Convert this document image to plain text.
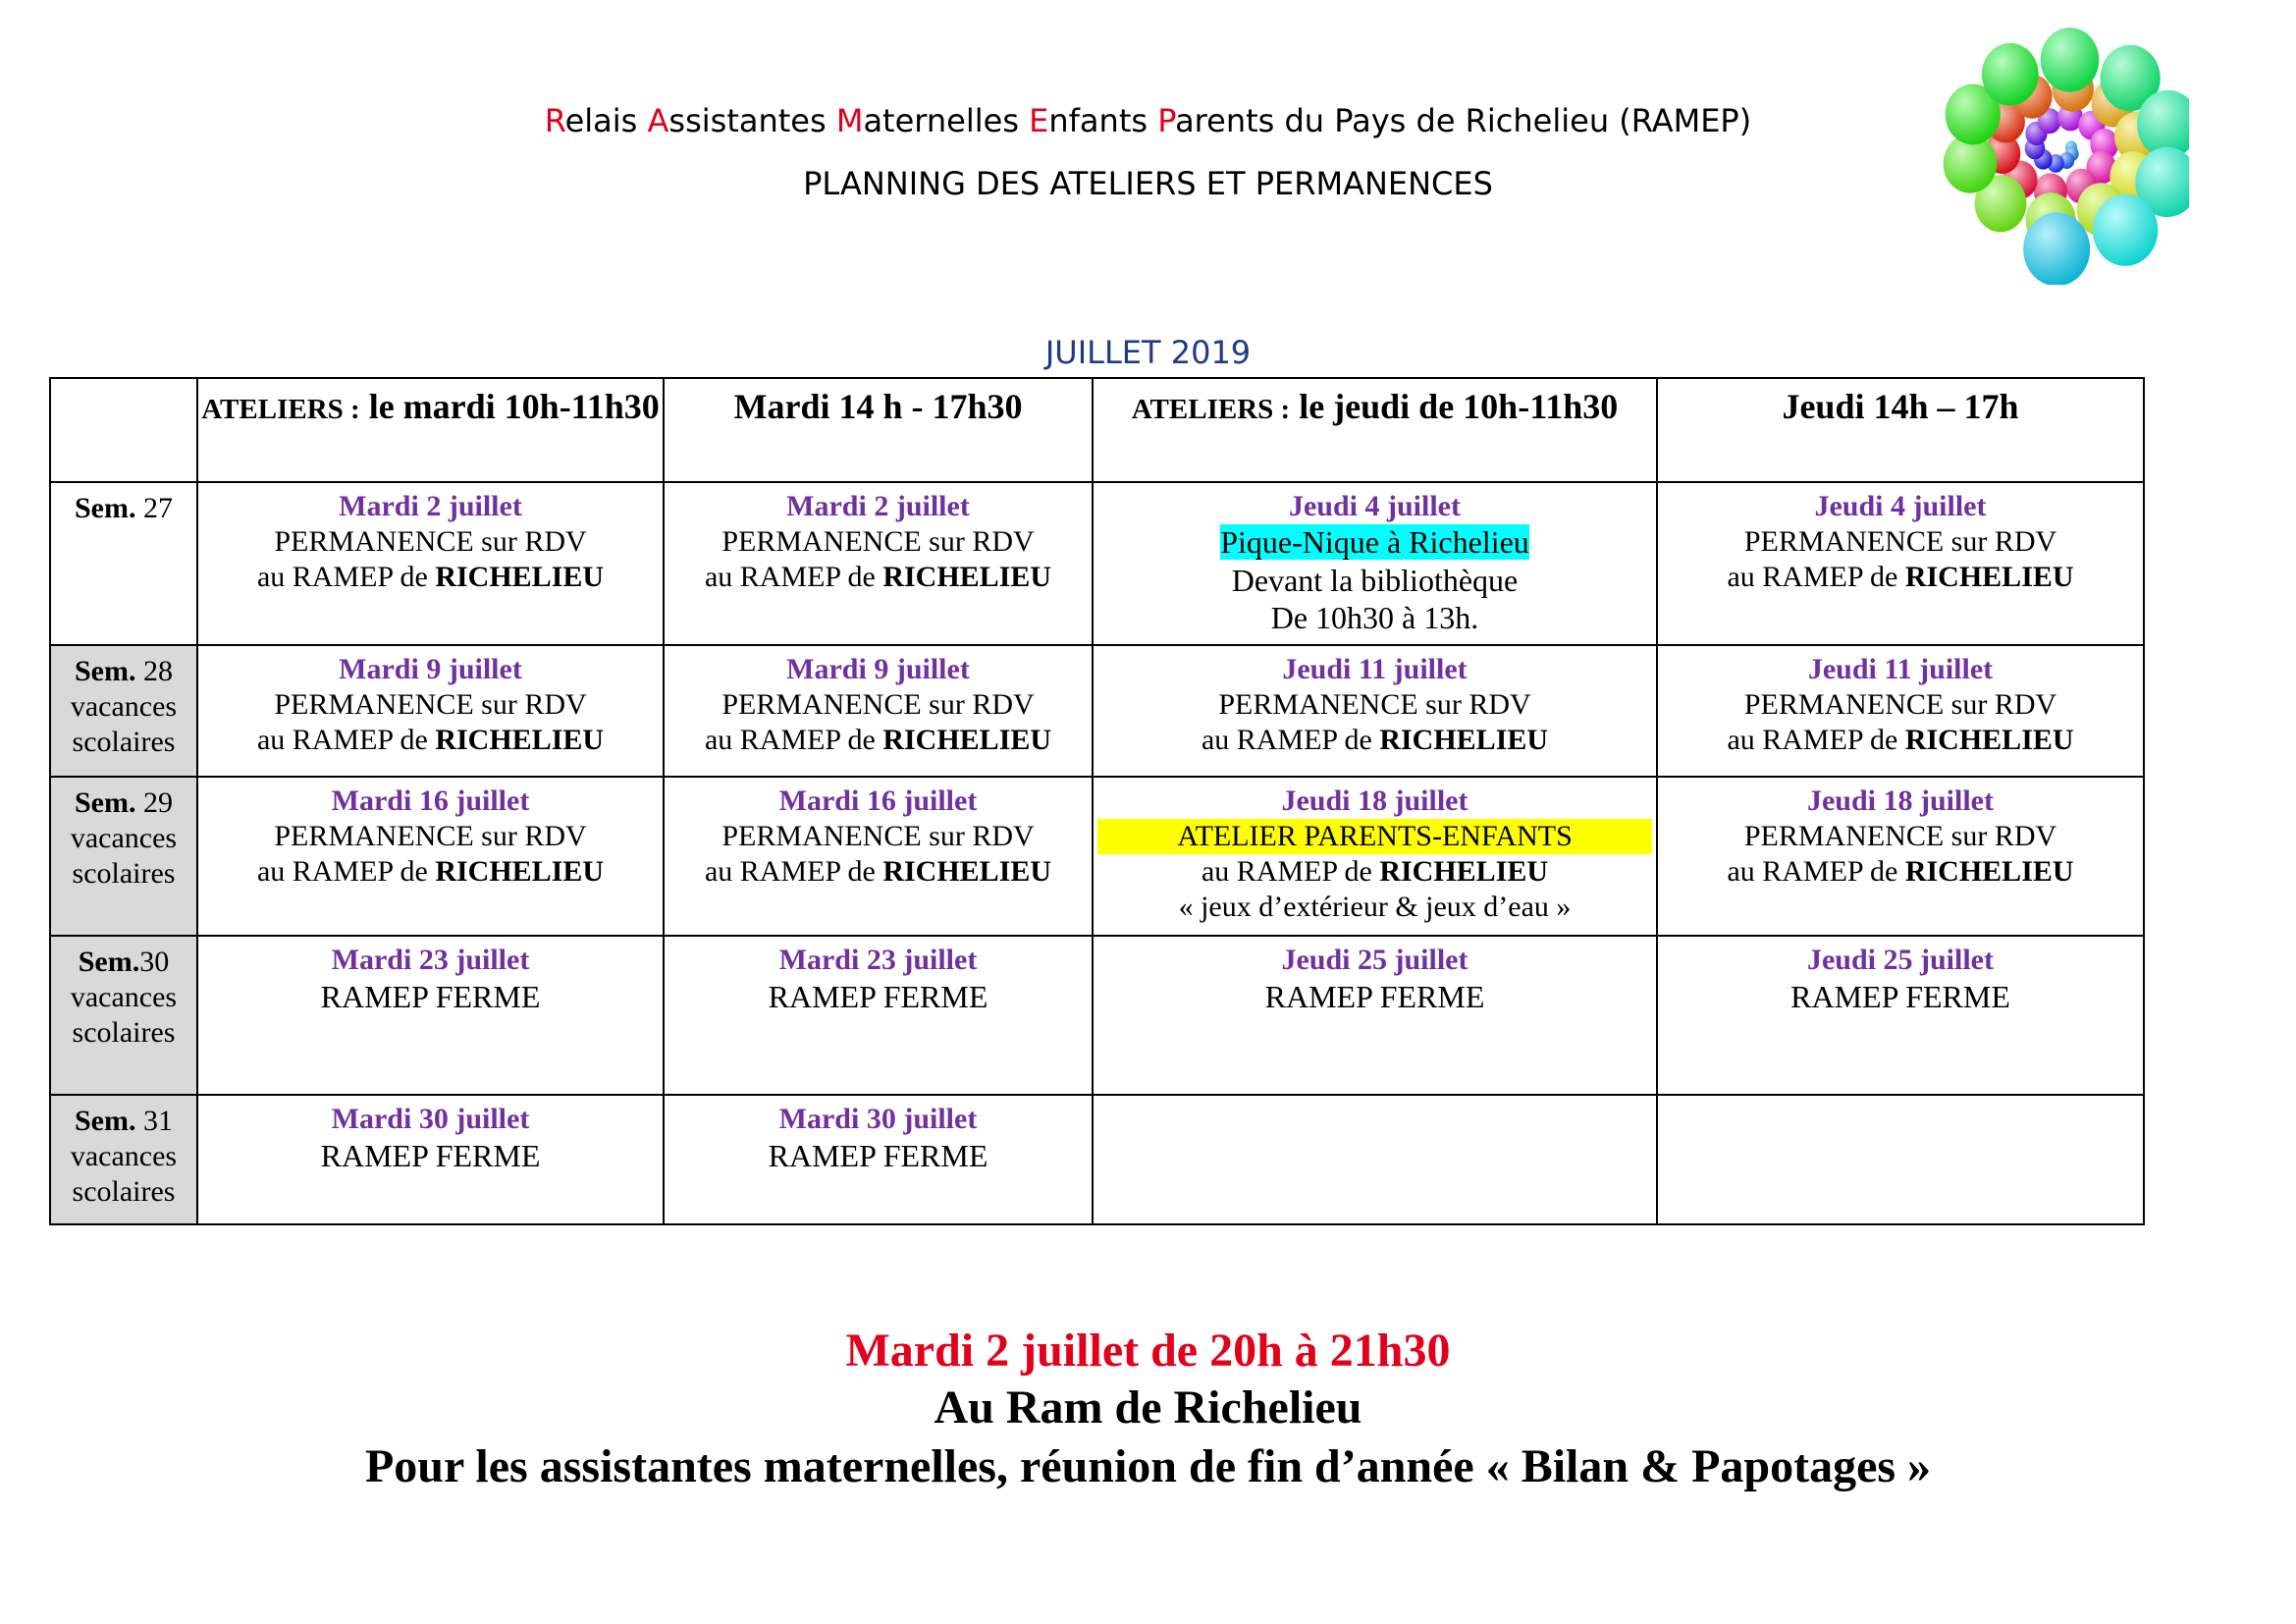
Relais Assistantes Maternelles Enfants Parents du Pays de Richelieu (RAMEP)
PLANNING DES ATELIERS ET PERMANENCES
JUILLET 2019
	ATELIERS : le mardi 10h-11h30	Mardi 14 h - 17h30	ATELIERS : le jeudi de 10h-11h30	Jeudi 14h – 17h
Sem. 27	Mardi 2 juillet
PERMANENCE sur RDV
au RAMEP de RICHELIEU	Mardi 2 juillet
PERMANENCE sur RDV
au RAMEP de RICHELIEU	Jeudi 4 juillet
Pique-Nique à Richelieu
Devant la bibliothèque
De 10h30 à 13h.	Jeudi 4 juillet
PERMANENCE sur RDV
au RAMEP de RICHELIEU

Sem. 28
vacances
scolaires	Mardi 9 juillet
PERMANENCE sur RDV
au RAMEP de RICHELIEU	Mardi 9 juillet
PERMANENCE sur RDV
au RAMEP de RICHELIEU	Jeudi 11 juillet
PERMANENCE sur RDV
au RAMEP de RICHELIEU	Jeudi 11 juillet
PERMANENCE sur RDV
au RAMEP de RICHELIEU

Sem. 29
vacances
scolaires	Mardi 16 juillet
PERMANENCE sur RDV
au RAMEP de RICHELIEU	Mardi 16 juillet
PERMANENCE sur RDV
au RAMEP de RICHELIEU	Jeudi 18 juillet
ATELIER PARENTS-ENFANTS
au RAMEP de RICHELIEU
« jeux d’extérieur & jeux d’eau »	Jeudi 18 juillet
PERMANENCE sur RDV
au RAMEP de RICHELIEU

Sem.30
vacances
scolaires	Mardi 23 juillet
RAMEP FERME	Mardi 23 juillet
RAMEP FERME	Jeudi 25 juillet
RAMEP FERME	Jeudi 25 juillet
RAMEP FERME

Sem. 31
vacances
scolaires	Mardi 30 juillet
RAMEP FERME	Mardi 30 juillet
RAMEP FERME		

Mardi 2 juillet de 20h à 21h30
Au Ram de Richelieu
Pour les assistantes maternelles, réunion de fin d’année « Bilan & Papotages »
